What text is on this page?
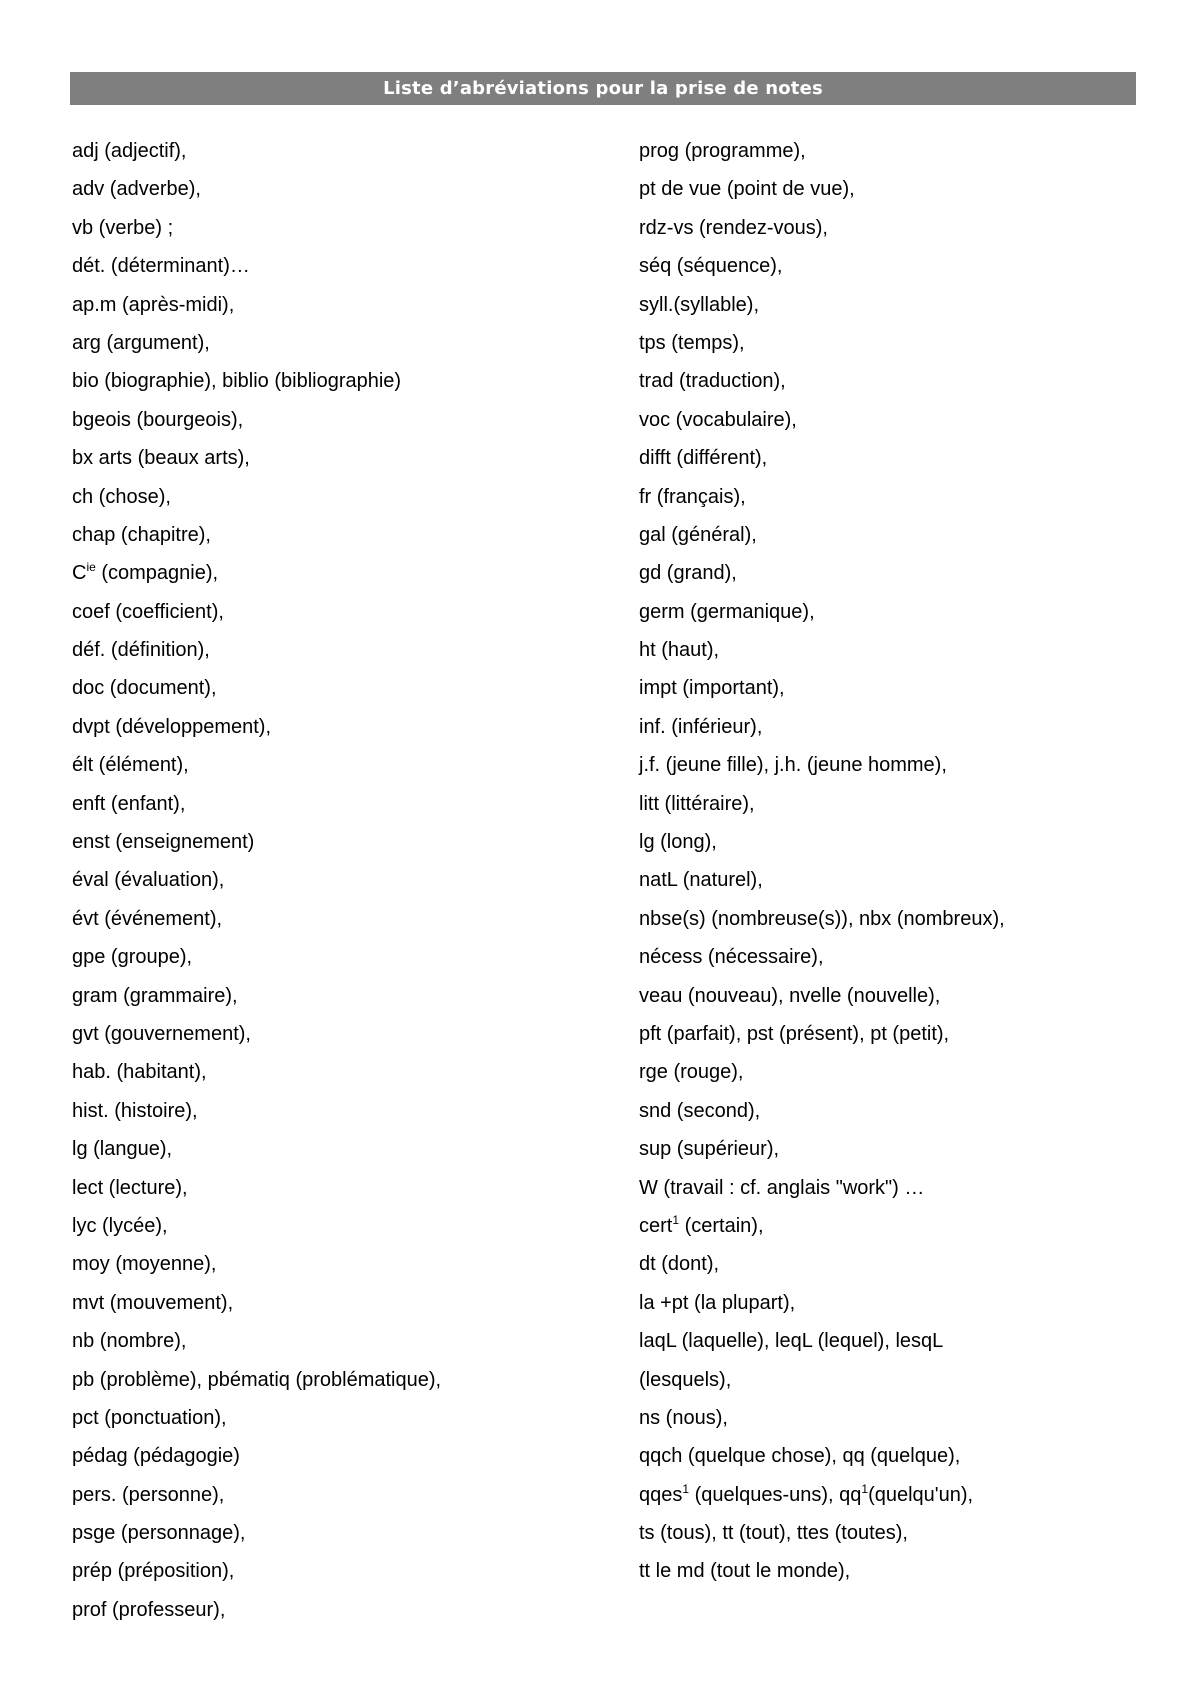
Liste d’abréviations pour la prise de notes
adj (adjectif),
adv (adverbe),
vb (verbe) ;
dét. (déterminant)…
ap.m (après-midi),
arg (argument),
bio (biographie), biblio (bibliographie)
bgeois (bourgeois),
bx arts (beaux arts),
ch (chose),
chap (chapitre),
$C^{ie}$ (compagnie),
coef (coefficient),
déf. (définition),
doc (document),
dvpt (développement),
élt (élément),
enft (enfant),
enst (enseignement)
éval (évaluation),
évt (événement),
gpe (groupe),
gram (grammaire),
gvt (gouvernement),
hab. (habitant),
hist. (histoire),
lg (langue),
lect (lecture),
lyc (lycée),
moy (moyenne),
mvt (mouvement),
nb (nombre),
pb (problème), pbématiq (problématique),
pct (ponctuation),
pédag (pédagogie)
pers. (personne),
psge (personnage),
prép (préposition),
prof (professeur),
prog (programme),
pt de vue (point de vue),
rdz-vs (rendez-vous),
séq (séquence),
syll.(syllable),
tps (temps),
trad (traduction),
voc (vocabulaire),
difft (différent),
fr (français),
gal (général),
gd (grand),
germ (germanique),
ht (haut),
impt (important),
inf. (inférieur),
j.f. (jeune fille), j.h. (jeune homme),
litt (littéraire),
lg (long),
natL (naturel),
nbse(s) (nombreuse(s)), nbx (nombreux),
nécess (nécessaire),
veau (nouveau), nvelle (nouvelle),
pft (parfait), pst (présent), pt (petit),
rge (rouge),
snd (second),
sup (supérieur),
W (travail : cf. anglais "work") …
cert$^1$ (certain),
dt (dont),
la +pt (la plupart),
laqL (laquelle), leqL (lequel), lesqL
(lesquels),
ns (nous),
qqch (quelque chose), qq (quelque),
qqes$^1$ (quelques-uns), $qq^1(quelqu'un)$,
ts (tous), tt (tout), ttes (toutes),
tt le md (tout le monde),
